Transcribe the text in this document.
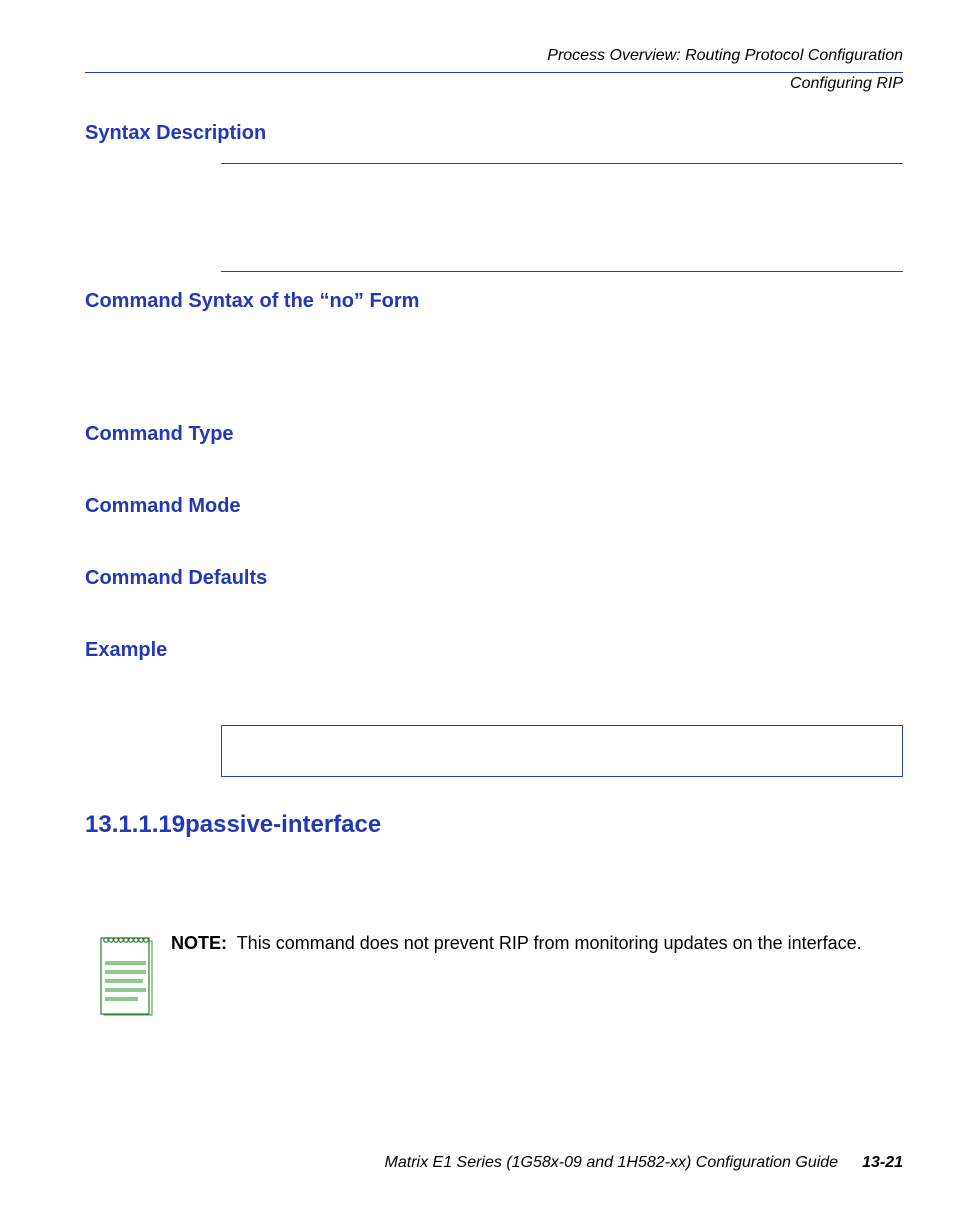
Process Overview: Routing Protocol Configuration
Configuring RIP
Syntax Description
Command Syntax of the “no” Form
Command Type
Command Mode
Command Defaults
Example
13.1.1.19passive-interface
NOTE: This command does not prevent RIP from monitoring updates on the interface.
Matrix E1 Series (1G58x-09 and 1H582-xx) Configuration Guide 13-21
